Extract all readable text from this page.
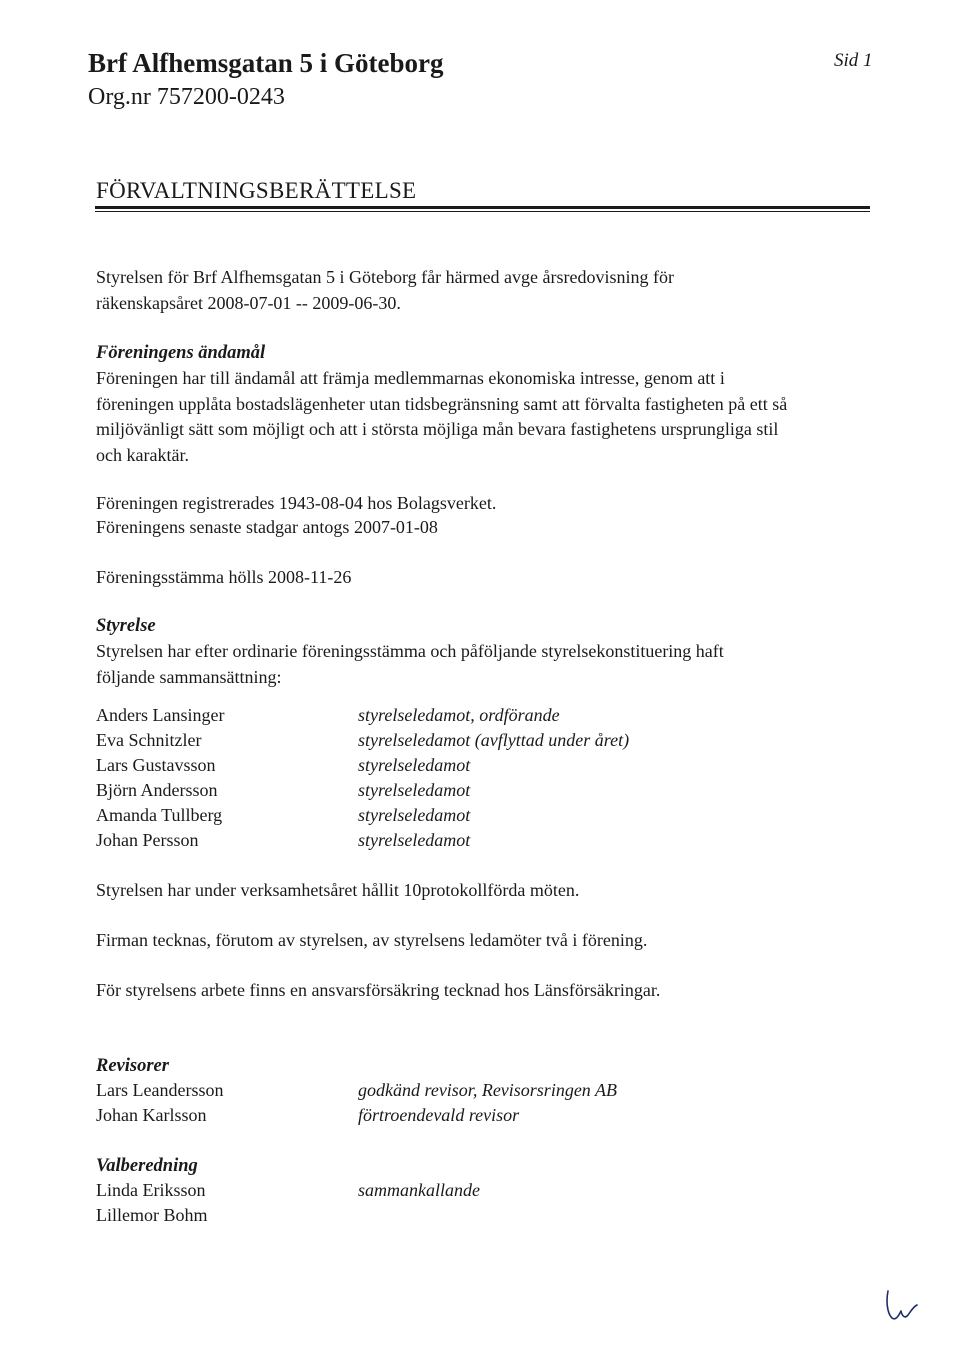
Brf Alfhemsgatan 5 i Göteborg
Org.nr 757200-0243
Sid 1
FÖRVALTNINGSBERÄTTELSE
Styrelsen för Brf Alfhemsgatan 5 i Göteborg får härmed avge årsredovisning för räkenskapsåret 2008-07-01 -- 2009-06-30.
Föreningens ändamål
Föreningen har till ändamål att främja medlemmarnas ekonomiska intresse, genom att i föreningen upplåta bostadslägenheter utan tidsbegränsning samt att förvalta fastigheten på ett så miljövänligt sätt som möjligt och att i största möjliga mån bevara fastighetens ursprungliga stil och karaktär.
Föreningen registrerades 1943-08-04 hos Bolagsverket.
Föreningens senaste stadgar antogs 2007-01-08
Föreningsstämma hölls 2008-11-26
Styrelse
Styrelsen har efter ordinarie föreningsstämma och påföljande styrelsekonstituering haft följande sammansättning:
Anders Lansinger	styrelseledamot, ordförande
Eva Schnitzler	styrelseledamot (avflyttad under året)
Lars Gustavsson	styrelseledamot
Björn Andersson	styrelseledamot
Amanda Tullberg	styrelseledamot
Johan Persson	styrelseledamot
Styrelsen har under verksamhetsåret hållit 10protokollförda möten.
Firman tecknas, förutom av styrelsen, av styrelsens ledamöter två i förening.
För styrelsens arbete finns en ansvarsförsäkring tecknad hos Länsförsäkringar.
Revisorer
Lars Leandersson	godkänd revisor, Revisorsringen AB
Johan Karlsson	förtroendevald revisor
Valberedning
Linda Eriksson	sammankallande
Lillemor Bohm
